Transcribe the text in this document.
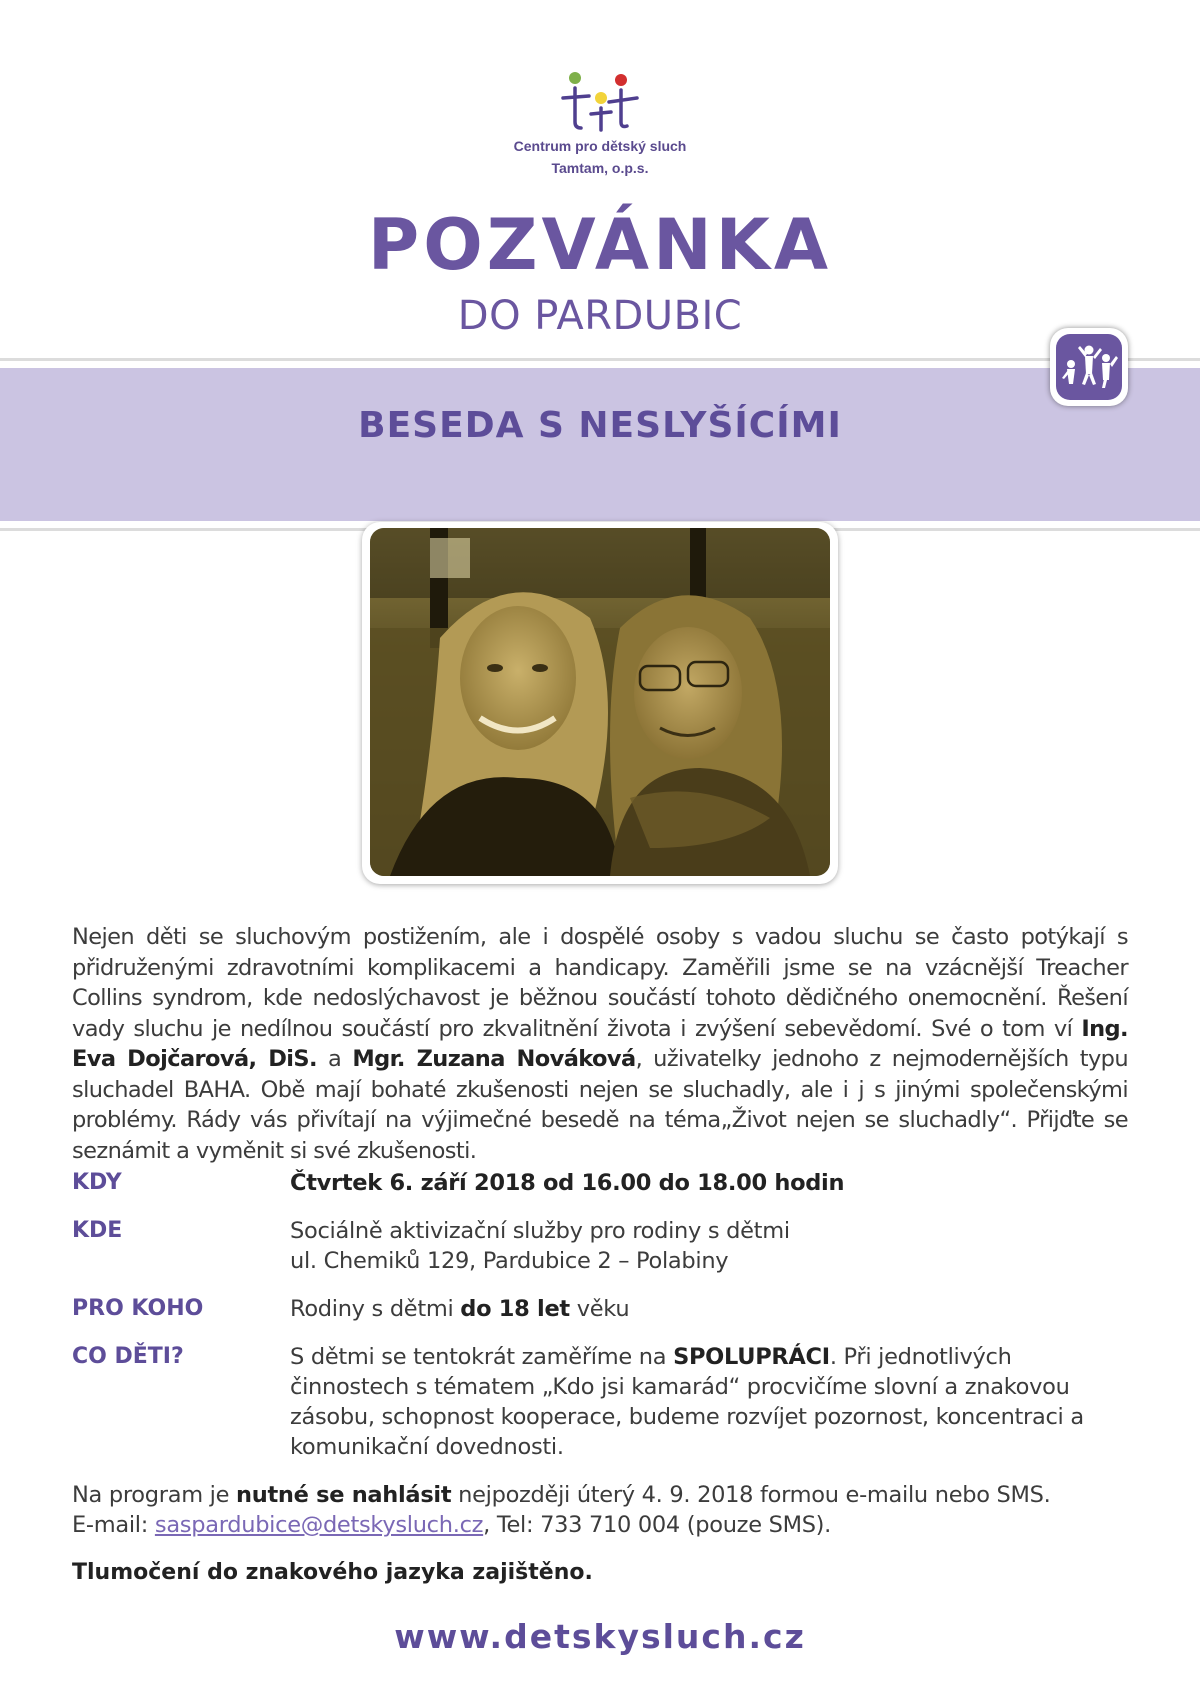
Centrum pro dětský sluch
Tamtam, o.p.s.
POZVÁNKA
DO PARDUBIC
BESEDA S NESLYŠÍCÍMI
Nejen děti se sluchovým postižením, ale i dospělé osoby s vadou sluchu se často potýkají s přidruženými zdravotními komplikacemi a handicapy. Zaměřili jsme se na vzácnější Treacher Collins syndrom, kde nedoslýchavost je běžnou součástí tohoto dědičného onemocnění. Řešení vady sluchu je nedílnou součástí pro zkvalitnění života i zvýšení sebevědomí. Své o tom ví Ing. Eva Dojčarová, DiS. a Mgr. Zuzana Nováková, uživatelky jednoho z nejmodernějších typu sluchadel BAHA. Obě mají bohaté zkušenosti nejen se sluchadly, ale i j s jinými společenskými problémy. Rády vás přivítají na výjimečné besedě na téma„Život nejen se sluchadly“. Přijďte se seznámit a vyměnit si své zkušenosti.
KDY	Čtvrtek 6. září 2018 od 16.00 do 18.00 hodin
KDE	Sociálně aktivizační služby pro rodiny s dětmi
ul. Chemiků 129, Pardubice 2 – Polabiny
PRO KOHO	Rodiny s dětmi do 18 let věku
CO DĚTI?	S dětmi se tentokrát zaměříme na SPOLUPRÁCI. Při jednotlivých činnostech s tématem „Kdo jsi kamarád“ procvičíme slovní a znakovou zásobu, schopnost kooperace, budeme rozvíjet pozornost, koncentraci a komunikační dovednosti.
Na program je nutné se nahlásit nejpozději úterý 4. 9. 2018 formou e-mailu nebo SMS.
E-mail: saspardubice@detskysluch.cz, Tel: 733 710 004 (pouze SMS).
Tlumočení do znakového jazyka zajištěno.
www.detskysluch.cz
